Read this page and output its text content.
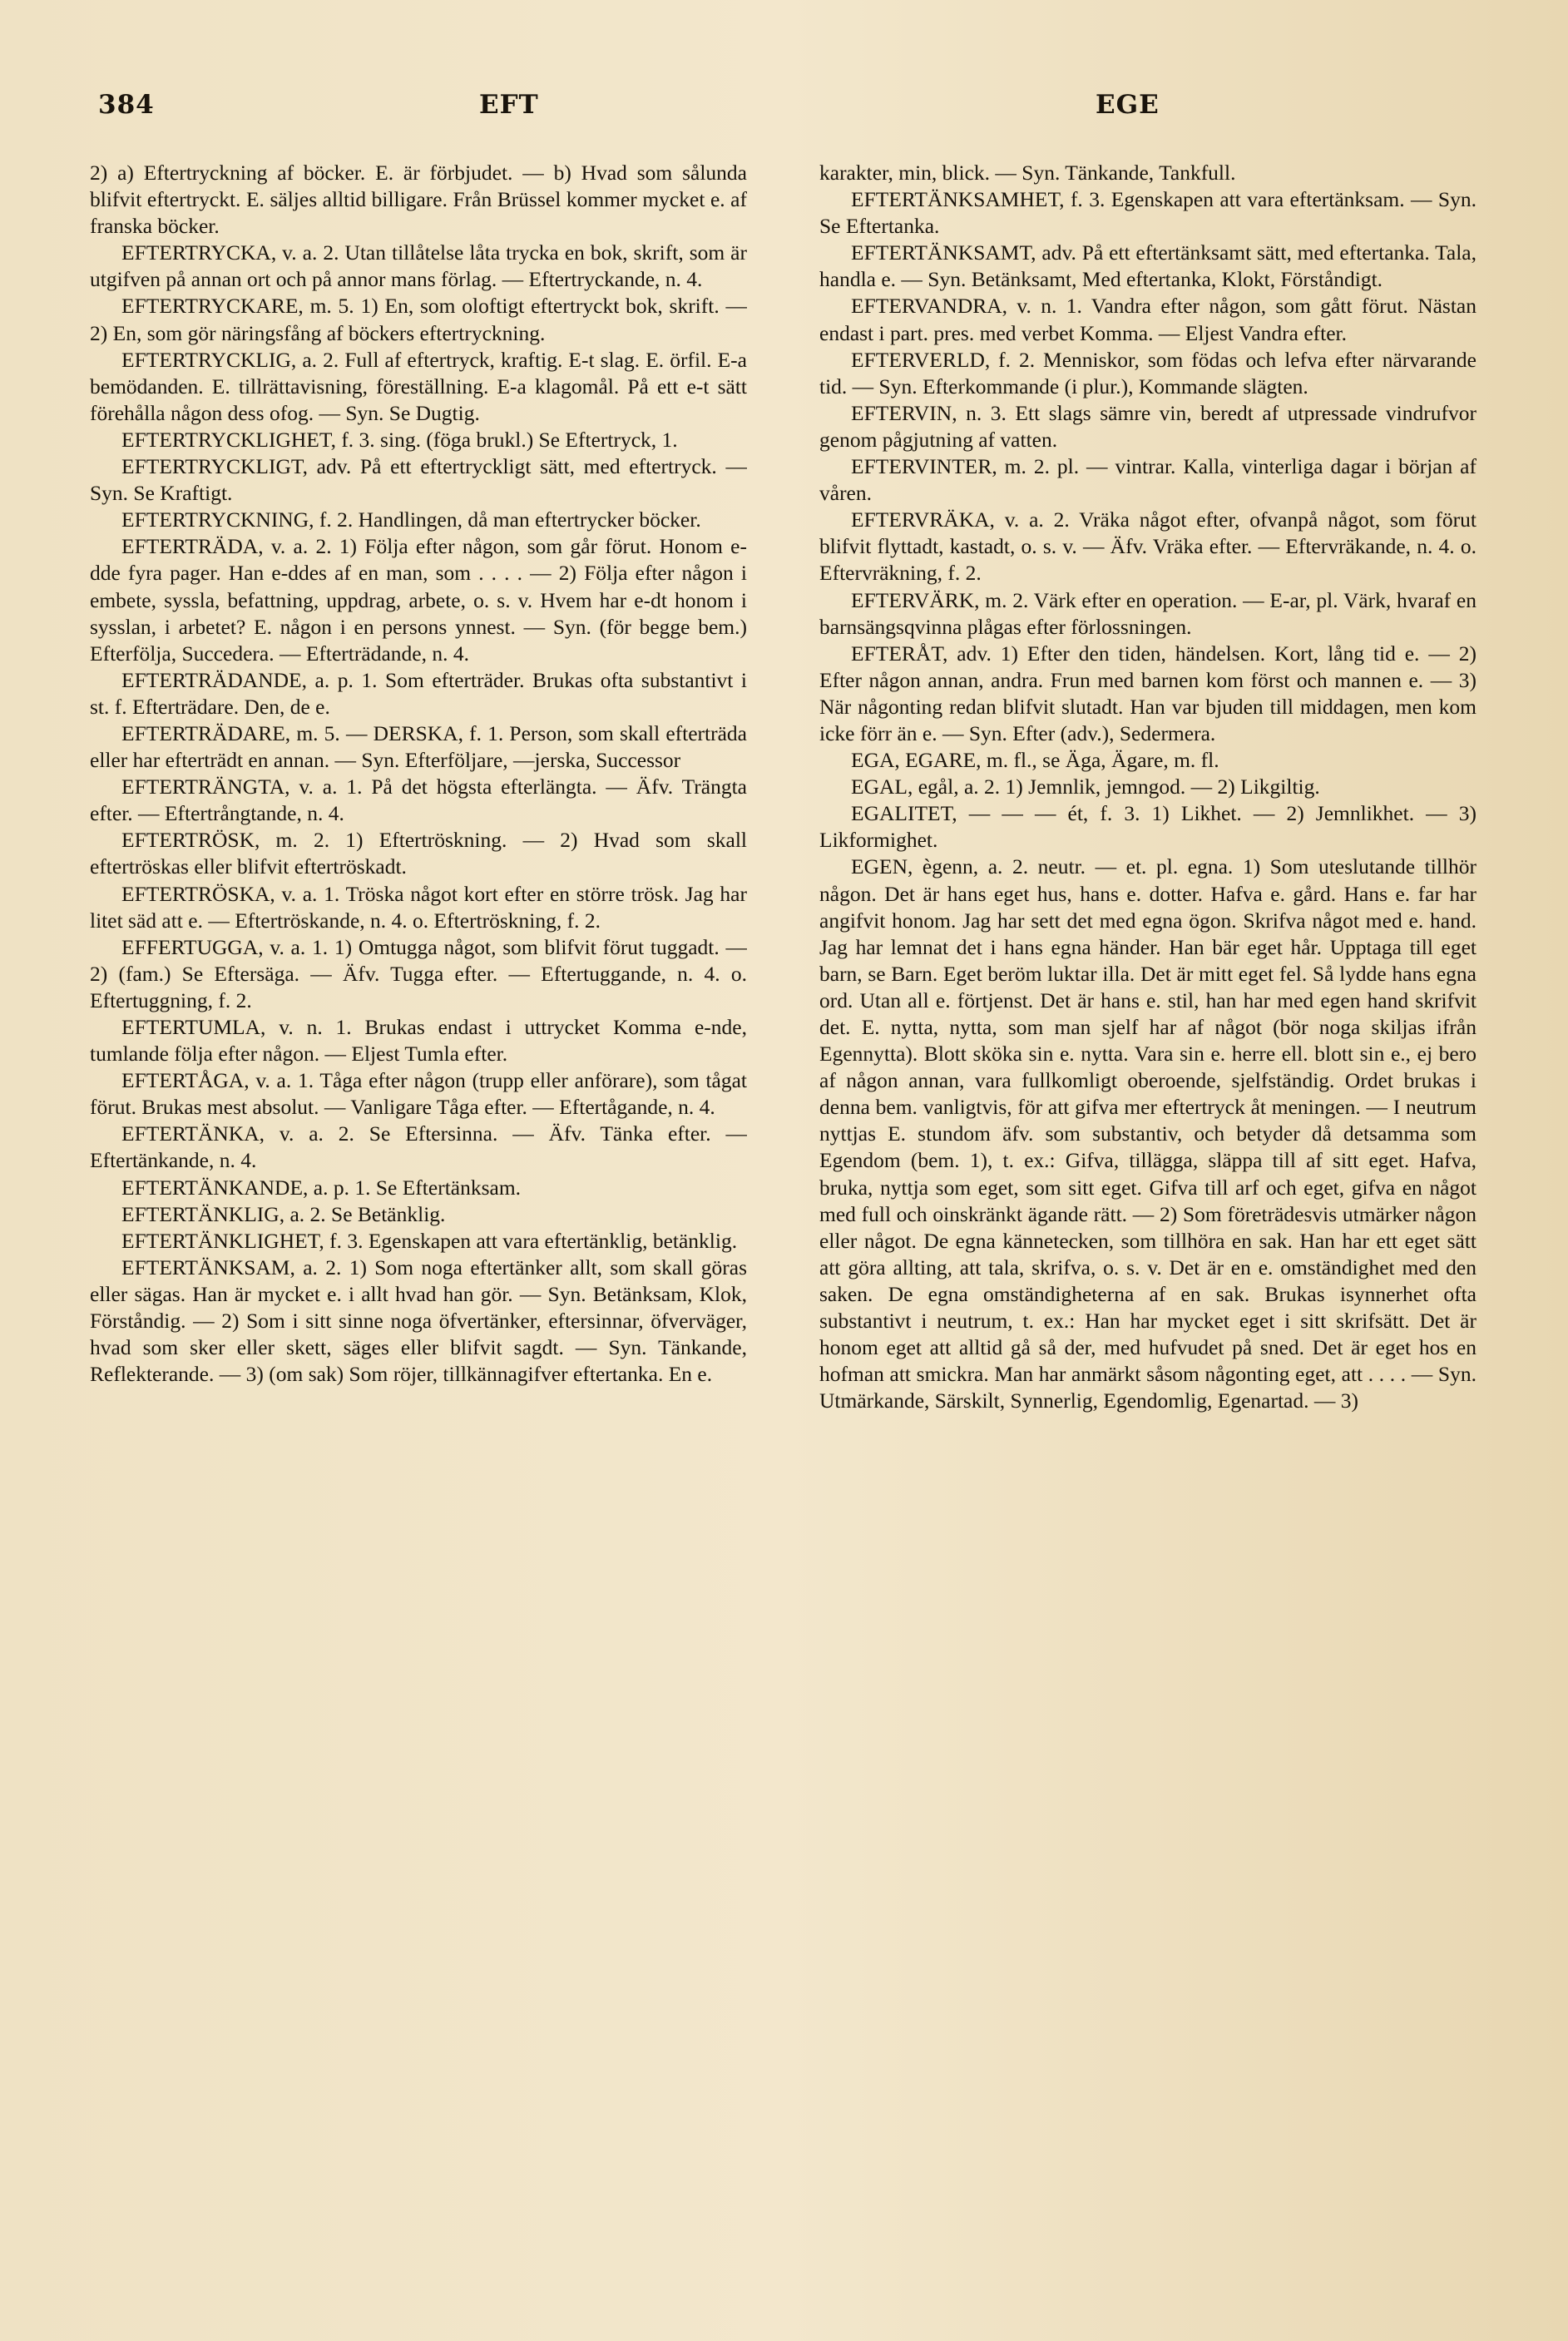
384	EFT	EGE

2) a) Eftertryckning af böcker. E. är förbjudet. — b) Hvad som sålunda blifvit eftertryckt. E. säljes alltid billigare. Från Brüssel kommer mycket e. af franska böcker.

EFTERTRYCKA, v. a. 2. Utan tillåtelse låta trycka en bok, skrift, som är utgifven på annan ort och på annor mans förlag. — Eftertryckande, n. 4.

EFTERTRYCKARE, m. 5. 1) En, som oloftigt eftertryckt bok, skrift. — 2) En, som gör näringsfång af böckers eftertryckning.

EFTERTRYCKLIG, a. 2. Full af eftertryck, kraftig. E-t slag. E. örfil. E-a bemödanden. E. tillrättavisning, föreställning. E-a klagomål. På ett e-t sätt förehålla någon dess ofog. — Syn. Se Dugtig.

EFTERTRYCKLIGHET, f. 3. sing. (föga brukl.) Se Eftertryck, 1.

EFTERTRYCKLIGT, adv. På ett eftertryckligt sätt, med eftertryck. — Syn. Se Kraftigt.

EFTERTRYCKNING, f. 2. Handlingen, då man eftertrycker böcker.

EFTERTRÄDA, v. a. 2. 1) Följa efter någon, som går förut. Honom e-dde fyra pager. Han e-ddes af en man, som . . . . — 2) Följa efter någon i embete, syssla, befattning, uppdrag, arbete, o. s. v. Hvem har e-dt honom i sysslan, i arbetet? E. någon i en persons ynnest. — Syn. (för begge bem.) Efterfölja, Succedera. — Efterträdande, n. 4.

EFTERTRÄDANDE, a. p. 1. Som efterträder. Brukas ofta substantivt i st. f. Efterträdare. Den, de e.

EFTERTRÄDARE, m. 5. — DERSKA, f. 1. Person, som skall efterträda eller har efterträdt en annan. — Syn. Efterföljare, —jerska, Successor

EFTERTRÄNGTA, v. a. 1. På det högsta efterlängta. — Äfv. Trängta efter. — Eftertrångtande, n. 4.

EFTERTRÖSK, m. 2. 1) Eftertröskning. — 2) Hvad som skall eftertröskas eller blifvit eftertröskadt.

EFTERTRÖSKA, v. a. 1. Tröska något kort efter en större trösk. Jag har litet säd att e. — Eftertröskande, n. 4. o. Eftertröskning, f. 2.

EFFERTUGGA, v. a. 1. 1) Omtugga något, som blifvit förut tuggadt. — 2) (fam.) Se Eftersäga. — Äfv. Tugga efter. — Eftertuggande, n. 4. o. Eftertuggning, f. 2.

EFTERTUMLA, v. n. 1. Brukas endast i uttrycket Komma e-nde, tumlande följa efter någon. — Eljest Tumla efter.

EFTERTÅGA, v. a. 1. Tåga efter någon (trupp eller anförare), som tågat förut. Brukas mest absolut. — Vanligare Tåga efter. — Eftertågande, n. 4.

EFTERTÄNKA, v. a. 2. Se Eftersinna. — Äfv. Tänka efter. — Eftertänkande, n. 4.

EFTERTÄNKANDE, a. p. 1. Se Eftertänksam.

EFTERTÄNKLIG, a. 2. Se Betänklig.

EFTERTÄNKLIGHET, f. 3. Egenskapen att vara eftertänklig, betänklig.

EFTERTÄNKSAM, a. 2. 1) Som noga eftertänker allt, som skall göras eller sägas. Han är mycket e. i allt hvad han gör. — Syn. Betänksam, Klok, Förståndig. — 2) Som i sitt sinne noga öfvertänker, eftersinnar, öfverväger, hvad som sker eller skett, säges eller blifvit sagdt. — Syn. Tänkande, Reflekterande. — 3) (om sak) Som röjer, tillkännagifver eftertanka. En e.

karakter, min, blick. — Syn. Tänkande, Tankfull.

EFTERTÄNKSAMHET, f. 3. Egenskapen att vara eftertänksam. — Syn. Se Eftertanka.

EFTERTÄNKSAMT, adv. På ett eftertänksamt sätt, med eftertanka. Tala, handla e. — Syn. Betänksamt, Med eftertanka, Klokt, Förståndigt.

EFTERVANDRA, v. n. 1. Vandra efter någon, som gått förut. Nästan endast i part. pres. med verbet Komma. — Eljest Vandra efter.

EFTERVERLD, f. 2. Menniskor, som födas och lefva efter närvarande tid. — Syn. Efterkommande (i plur.), Kommande slägten.

EFTERVIN, n. 3. Ett slags sämre vin, beredt af utpressade vindrufvor genom pågjutning af vatten.

EFTERVINTER, m. 2. pl. — vintrar. Kalla, vinterliga dagar i början af våren.

EFTERVRÄKA, v. a. 2. Vräka något efter, ofvanpå något, som förut blifvit flyttadt, kastadt, o. s. v. — Äfv. Vräka efter. — Eftervräkande, n. 4. o. Eftervräkning, f. 2.

EFTERVÄRK, m. 2. Värk efter en operation. — E-ar, pl. Värk, hvaraf en barnsängsqvinna plågas efter förlossningen.

EFTERÅT, adv. 1) Efter den tiden, händelsen. Kort, lång tid e. — 2) Efter någon annan, andra. Frun med barnen kom först och mannen e. — 3) När någonting redan blifvit slutadt. Han var bjuden till middagen, men kom icke förr än e. — Syn. Efter (adv.), Sedermera.

EGA, EGARE, m. fl., se Äga, Ägare, m. fl.

EGAL, egål, a. 2. 1) Jemnlik, jemngod. — 2) Likgiltig.

EGALITET, — — — ét, f. 3. 1) Likhet. — 2) Jemnlikhet. — 3) Likformighet.

EGEN, ègenn, a. 2. neutr. — et. pl. egna. 1) Som uteslutande tillhör någon. Det är hans eget hus, hans e. dotter. Hafva e. gård. Hans e. far har angifvit honom. Jag har sett det med egna ögon. Skrifva något med e. hand. Jag har lemnat det i hans egna händer. Han bär eget hår. Upptaga till eget barn, se Barn. Eget beröm luktar illa. Det är mitt eget fel. Så lydde hans egna ord. Utan all e. förtjenst. Det är hans e. stil, han har med egen hand skrifvit det. E. nytta, nytta, som man sjelf har af något (bör noga skiljas ifrån Egennytta). Blott sköka sin e. nytta. Vara sin e. herre ell. blott sin e., ej bero af någon annan, vara fullkomligt oberoende, sjelfständig. Ordet brukas i denna bem. vanligtvis, för att gifva mer eftertryck åt meningen. — I neutrum nyttjas E. stundom äfv. som substantiv, och betyder då detsamma som Egendom (bem. 1), t. ex.: Gifva, tillägga, släppa till af sitt eget. Hafva, bruka, nyttja som eget, som sitt eget. Gifva till arf och eget, gifva en något med full och oinskränkt ägande rätt. — 2) Som företrädesvis utmärker någon eller något. De egna kännetecken, som tillhöra en sak. Han har ett eget sätt att göra allting, att tala, skrifva, o. s. v. Det är en e. omständighet med den saken. De egna omständigheterna af en sak. Brukas isynnerhet ofta substantivt i neutrum, t. ex.: Han har mycket eget i sitt skrifsätt. Det är honom eget att alltid gå så der, med hufvudet på sned. Det är eget hos en hofman att smickra. Man har anmärkt såsom någonting eget, att . . . . — Syn. Utmärkande, Särskilt, Synnerlig, Egendomlig, Egenartad. — 3)
